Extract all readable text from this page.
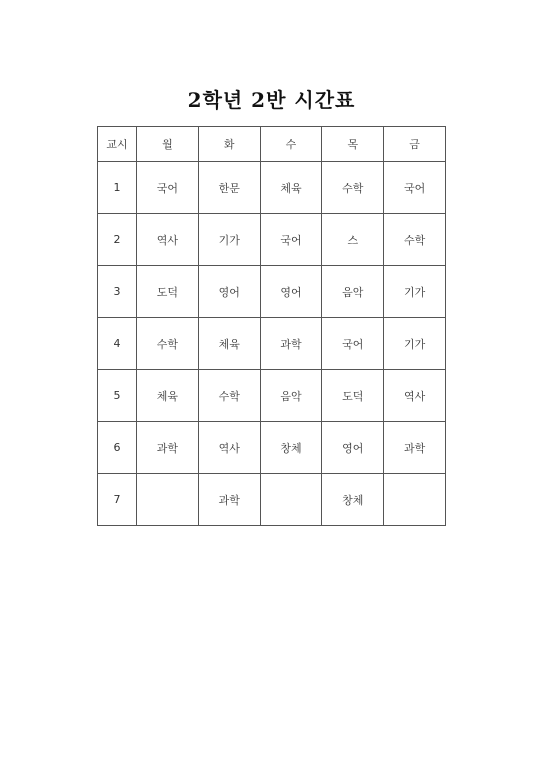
2학년 2반 시간표
교시	월	화	수	목	금
1	국어	한문	체육	수학	국어
2	역사	기가	국어	스	수학
3	도덕	영어	영어	음악	기가
4	수학	체육	과학	국어	기가
5	체육	수학	음악	도덕	역사
6	과학	역사	창체	영어	과학
7		과학		창체	
